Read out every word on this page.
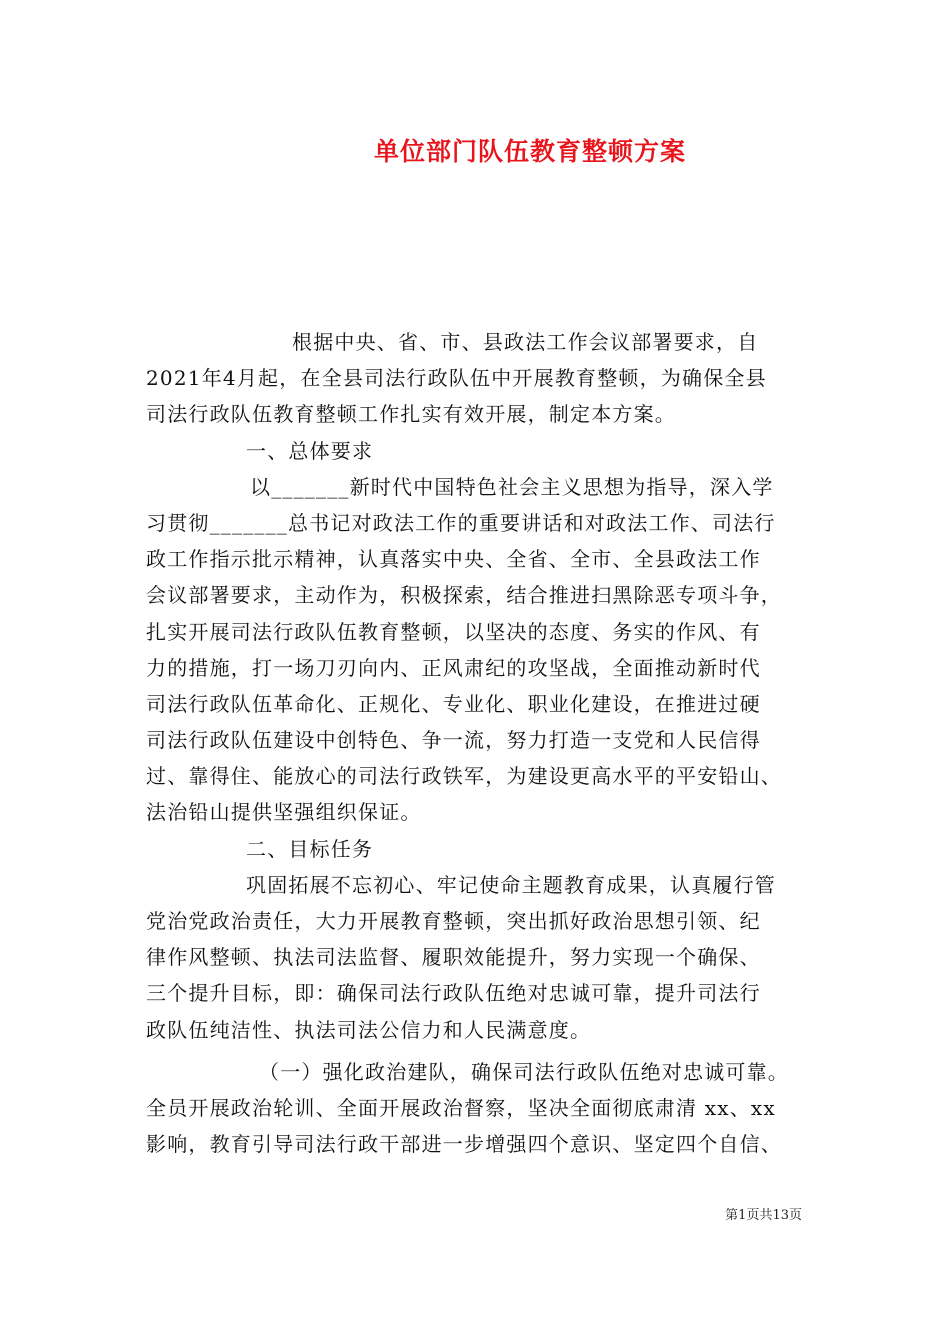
单位部门队伍教育整顿方案
根据中央、省、市、县政法工作会议部署要求，自
2021年4月起，在全县司法行政队伍中开展教育整顿，为确保全县
司法行政队伍教育整顿工作扎实有效开展，制定本方案。
一、总体要求
以_______新时代中国特色社会主义思想为指导，深入学
习贯彻_______总书记对政法工作的重要讲话和对政法工作、司法行
政工作指示批示精神，认真落实中央、全省、全市、全县政法工作
会议部署要求，主动作为，积极探索，结合推进扫黑除恶专项斗争，
扎实开展司法行政队伍教育整顿，以坚决的态度、务实的作风、有
力的措施，打一场刀刃向内、正风肃纪的攻坚战，全面推动新时代
司法行政队伍革命化、正规化、专业化、职业化建设，在推进过硬
司法行政队伍建设中创特色、争一流，努力打造一支党和人民信得
过、靠得住、能放心的司法行政铁军，为建设更高水平的平安铅山、
法治铅山提供坚强组织保证。
二、目标任务
巩固拓展不忘初心、牢记使命主题教育成果，认真履行管
党治党政治责任，大力开展教育整顿，突出抓好政治思想引领、纪
律作风整顿、执法司法监督、履职效能提升，努力实现一个确保、
三个提升目标，即：确保司法行政队伍绝对忠诚可靠，提升司法行
政队伍纯洁性、执法司法公信力和人民满意度。
（一）强化政治建队，确保司法行政队伍绝对忠诚可靠。
全员开展政治轮训、全面开展政治督察，坚决全面彻底肃清 xx、xx
影响，教育引导司法行政干部进一步增强四个意识、坚定四个自信、
第1页共13页
